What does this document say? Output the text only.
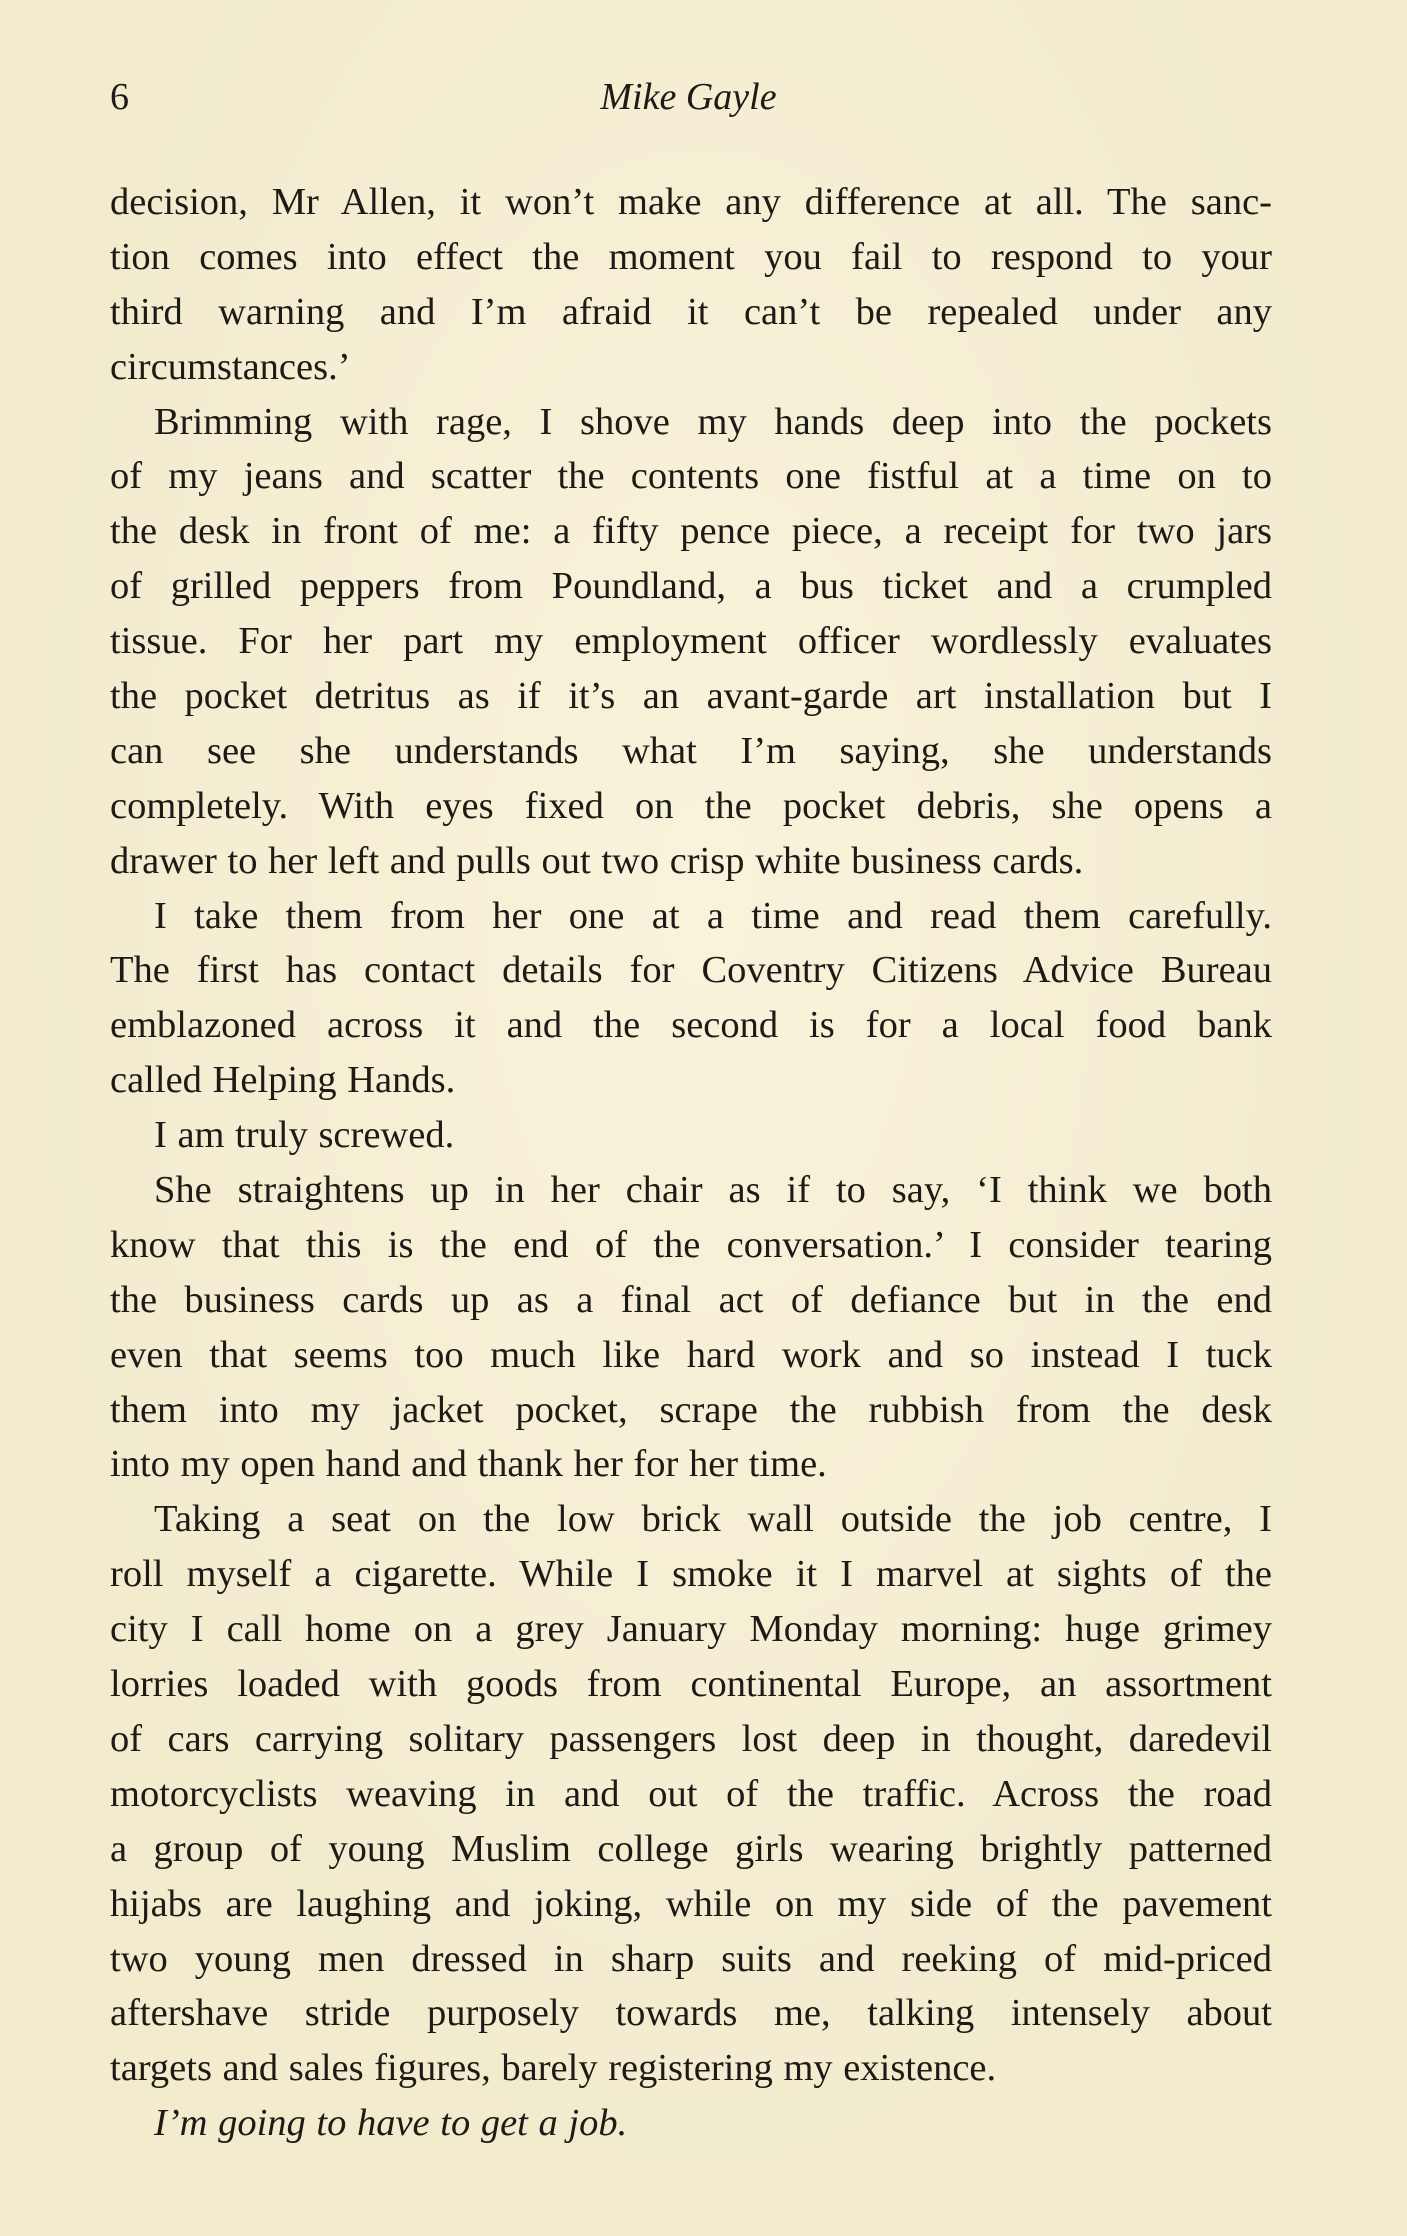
6	Mike Gayle
decision, Mr Allen, it won’t make any difference at all. The sanc-
tion comes into effect the moment you fail to respond to your
third warning and I’m afraid it can’t be repealed under any
circumstances.’
Brimming with rage, I shove my hands deep into the pockets
of my jeans and scatter the contents one fistful at a time on to
the desk in front of me: a fifty pence piece, a receipt for two jars
of grilled peppers from Poundland, a bus ticket and a crumpled
tissue. For her part my employment officer wordlessly evaluates
the pocket detritus as if it’s an avant-garde art installation but I
can see she understands what I’m saying, she understands
completely. With eyes fixed on the pocket debris, she opens a
drawer to her left and pulls out two crisp white business cards.
I take them from her one at a time and read them carefully.
The first has contact details for Coventry Citizens Advice Bureau
emblazoned across it and the second is for a local food bank
called Helping Hands.
I am truly screwed.
She straightens up in her chair as if to say, ‘I think we both
know that this is the end of the conversation.’ I consider tearing
the business cards up as a final act of defiance but in the end
even that seems too much like hard work and so instead I tuck
them into my jacket pocket, scrape the rubbish from the desk
into my open hand and thank her for her time.
Taking a seat on the low brick wall outside the job centre, I
roll myself a cigarette. While I smoke it I marvel at sights of the
city I call home on a grey January Monday morning: huge grimey
lorries loaded with goods from continental Europe, an assortment
of cars carrying solitary passengers lost deep in thought, daredevil
motorcyclists weaving in and out of the traffic. Across the road
a group of young Muslim college girls wearing brightly patterned
hijabs are laughing and joking, while on my side of the pavement
two young men dressed in sharp suits and reeking of mid-priced
aftershave stride purposely towards me, talking intensely about
targets and sales figures, barely registering my existence.
I’m going to have to get a job.
